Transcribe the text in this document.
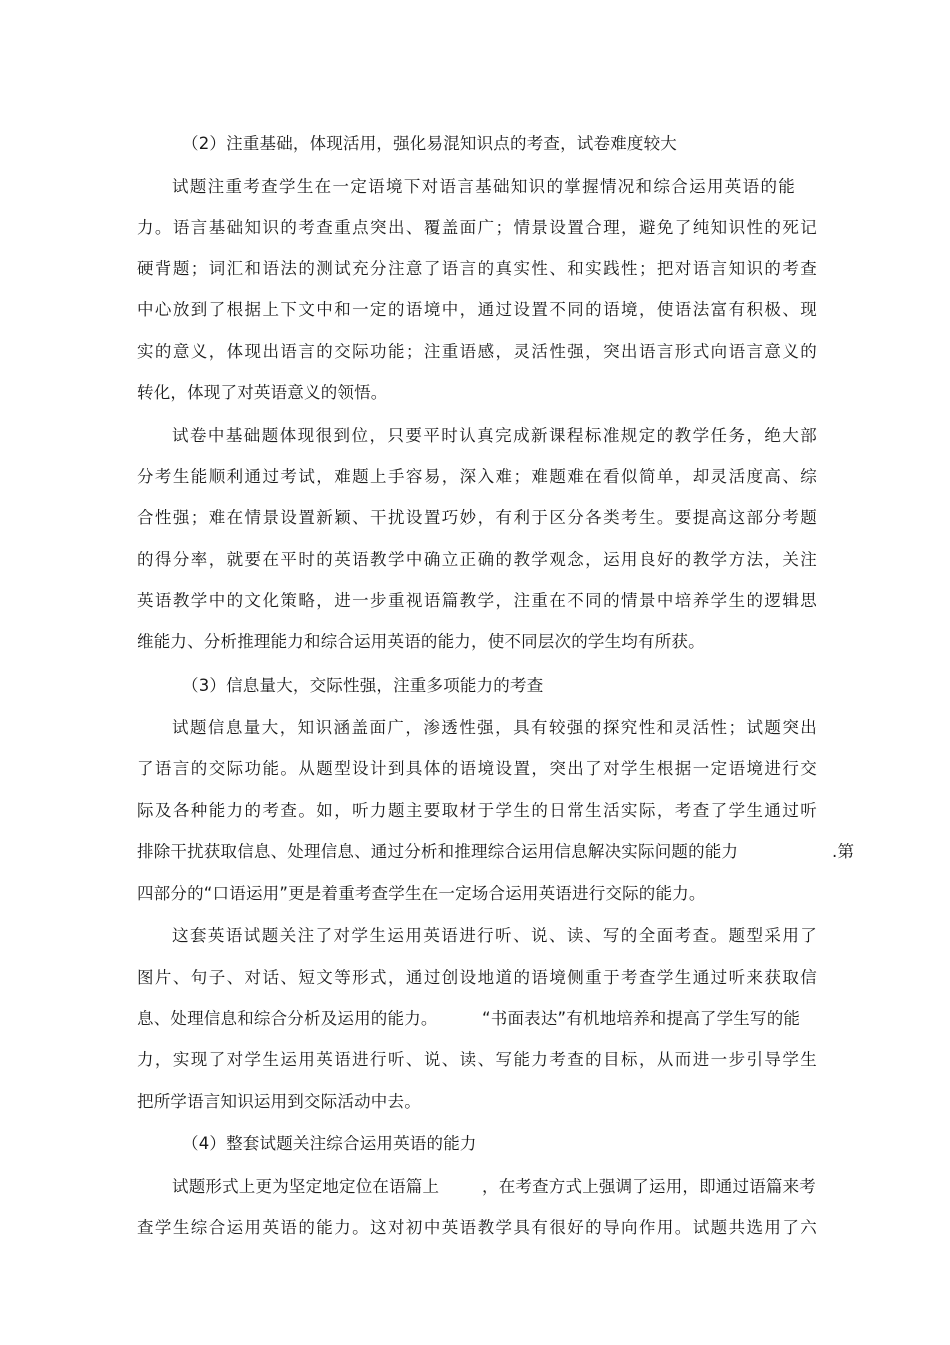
（2）注重基础，体现活用，强化易混知识点的考查，试卷难度较大
试题注重考查学生在一定语境下对语言基础知识的掌握情况和综合运用英语的能
力。语言基础知识的考查重点突出、覆盖面广；情景设置合理，避免了纯知识性的死记
硬背题；词汇和语法的测试充分注意了语言的真实性、和实践性；把对语言知识的考查
中心放到了根据上下文中和一定的语境中，通过设置不同的语境，使语法富有积极、现
实的意义，体现出语言的交际功能；注重语感，灵活性强，突出语言形式向语言意义的
转化，体现了对英语意义的领悟。
试卷中基础题体现很到位，只要平时认真完成新课程标准规定的教学任务，绝大部
分考生能顺利通过考试，难题上手容易，深入难；难题难在看似简单，却灵活度高、综
合性强；难在情景设置新颖、干扰设置巧妙，有利于区分各类考生。要提高这部分考题
的得分率，就要在平时的英语教学中确立正确的教学观念，运用良好的教学方法，关注
英语教学中的文化策略，进一步重视语篇教学，注重在不同的情景中培养学生的逻辑思
维能力、分析推理能力和综合运用英语的能力，使不同层次的学生均有所获。
（3）信息量大，交际性强，注重多项能力的考查
试题信息量大，知识涵盖面广，渗透性强，具有较强的探究性和灵活性；试题突出
了语言的交际功能。从题型设计到具体的语境设置，突出了对学生根据一定语境进行交
际及各种能力的考查。如，听力题主要取材于学生的日常生活实际，考查了学生通过听
排除干扰获取信息、处理信息、通过分析和推理综合运用信息解决实际问题的能力	.第
四部分的“口语运用”更是着重考查学生在一定场合运用英语进行交际的能力。
这套英语试题关注了对学生运用英语进行听、说、读、写的全面考查。题型采用了
图片、句子、对话、短文等形式，通过创设地道的语境侧重于考查学生通过听来获取信
息、处理信息和综合分析及运用的能力。	“书面表达”有机地培养和提高了学生写的能
力，实现了对学生运用英语进行听、说、读、写能力考查的目标，从而进一步引导学生
把所学语言知识运用到交际活动中去。
（4）整套试题关注综合运用英语的能力
试题形式上更为坚定地定位在语篇上	，在考查方式上强调了运用，即通过语篇来考
查学生综合运用英语的能力。这对初中英语教学具有很好的导向作用。试题共选用了六
